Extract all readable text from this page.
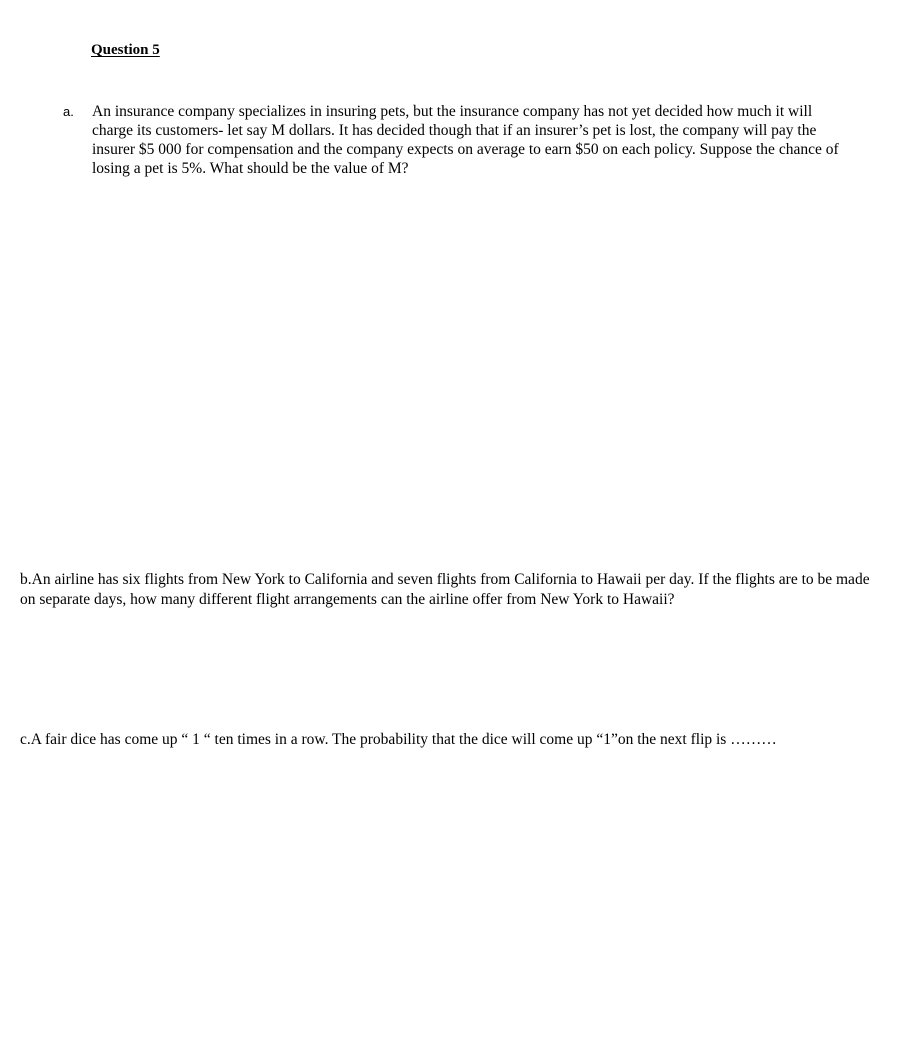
Question 5
a. An insurance company specializes in insuring pets, but the insurance company has not yet decided how much it will charge its customers- let say M dollars. It has decided though that if an insurer’s pet is lost, the company will pay the insurer $5 000 for compensation and the company expects on average to earn $50 on each policy. Suppose the chance of losing a pet is 5%. What should be the value of M?
b.An airline has six flights from New York to California and seven flights from California to Hawaii per day. If the flights are to be made on separate days, how many different flight arrangements can the airline offer from New York to Hawaii?
c.A fair dice has come up “ 1 “ ten times in a row. The probability that the dice will come up “1”on the next flip is ………
